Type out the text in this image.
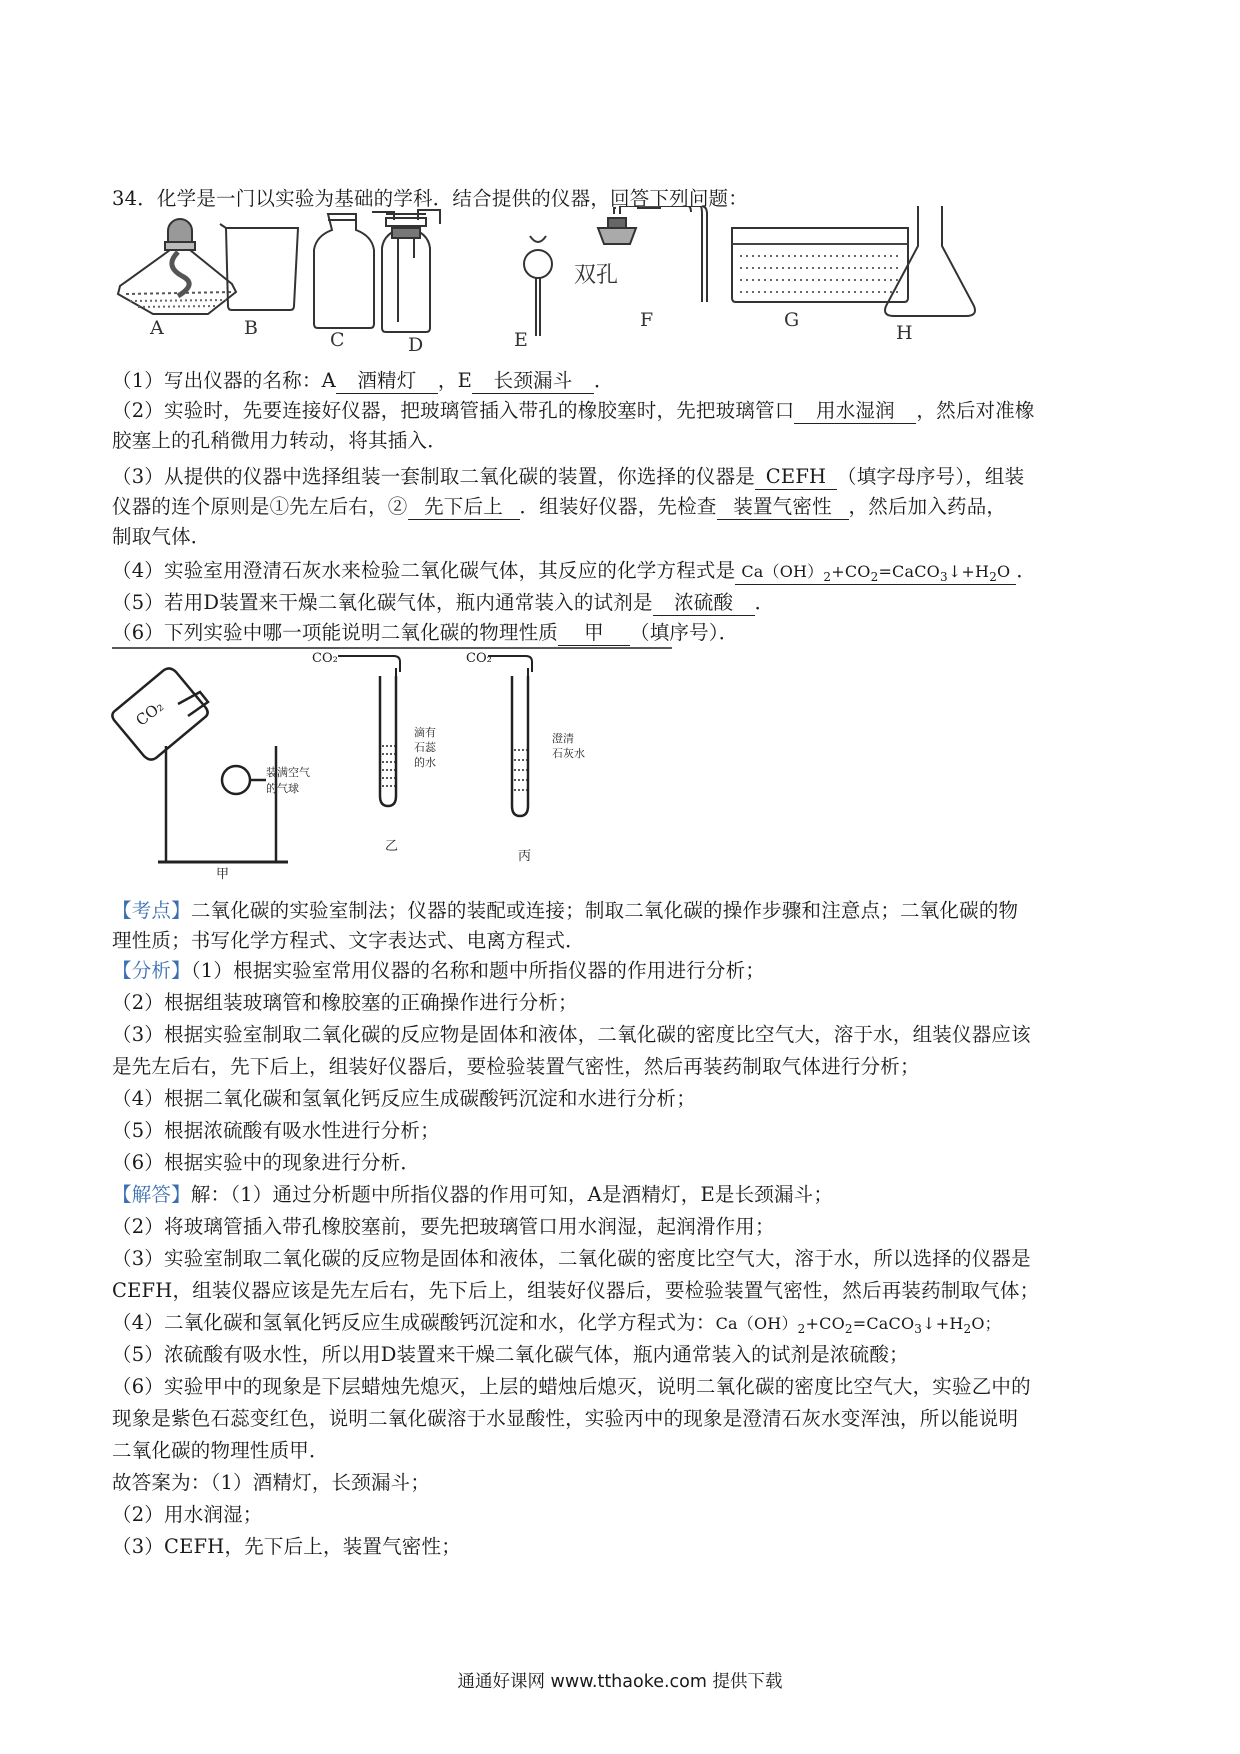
34．化学是一门以实验为基础的学科．结合提供的仪器，回答下列问题：
A	B
C	D	E
双孔
F	G
H
（1）写出仪器的名称：A 酒精灯 ，E 长颈漏斗 ．
（2）实验时，先要连接好仪器，把玻璃管插入带孔的橡胶塞时，先把玻璃管口 用水湿润 ，然后对准橡
胶塞上的孔稍微用力转动，将其插入．
（3）从提供的仪器中选择组装一套制取二氧化碳的装置，你选择的仪器是 CEFH （填字母序号），组装
仪器的连个原则是①先左后右，② 先下后上 ．组装好仪器，先检查 装置气密性 ，然后加入药品，
制取气体．
（4）实验室用澄清石灰水来检验二氧化碳气体，其反应的化学方程式是 $Ca(OH)_2+CO_2=CaCO_3↓+H_2O$ ．
（5）若用D装置来干燥二氧化碳气体，瓶内通常装入的试剂是 浓硫酸 ．
（6）下列实验中哪一项能说明二氧化碳的物理性质 甲 （填序号）．
CO₂
装满空气
的气球
甲
CO₂
滴有
石蕊
的水
乙
CO₂
澄清
石灰水
丙
【考点】二氧化碳的实验室制法；仪器的装配或连接；制取二氧化碳的操作步骤和注意点；二氧化碳的物
理性质；书写化学方程式、文字表达式、电离方程式．
【分析】（1）根据实验室常用仪器的名称和题中所指仪器的作用进行分析；
（2）根据组装玻璃管和橡胶塞的正确操作进行分析；
（3）根据实验室制取二氧化碳的反应物是固体和液体，二氧化碳的密度比空气大，溶于水，组装仪器应该
是先左后右，先下后上，组装好仪器后，要检验装置气密性，然后再装药制取气体进行分析；
（4）根据二氧化碳和氢氧化钙反应生成碳酸钙沉淀和水进行分析；
（5）根据浓硫酸有吸水性进行分析；
（6）根据实验中的现象进行分析．
【解答】解：（1）通过分析题中所指仪器的作用可知，A是酒精灯，E是长颈漏斗；
（2）将玻璃管插入带孔橡胶塞前，要先把玻璃管口用水润湿，起润滑作用；
（3）实验室制取二氧化碳的反应物是固体和液体，二氧化碳的密度比空气大，溶于水，所以选择的仪器是
CEFH，组装仪器应该是先左后右，先下后上，组装好仪器后，要检验装置气密性，然后再装药制取气体；
（4）二氧化碳和氢氧化钙反应生成碳酸钙沉淀和水，化学方程式为：$Ca(OH)_2+CO_2=CaCO_3↓+H_2O$；
（5）浓硫酸有吸水性，所以用D装置来干燥二氧化碳气体，瓶内通常装入的试剂是浓硫酸；
（6）实验甲中的现象是下层蜡烛先熄灭，上层的蜡烛后熄灭，说明二氧化碳的密度比空气大，实验乙中的
现象是紫色石蕊变红色，说明二氧化碳溶于水显酸性，实验丙中的现象是澄清石灰水变浑浊，所以能说明
二氧化碳的物理性质甲．
故答案为：（1）酒精灯，长颈漏斗；
（2）用水润湿；
（3）CEFH，先下后上，装置气密性；
通通好课网 www.tthaoke.com 提供下载
